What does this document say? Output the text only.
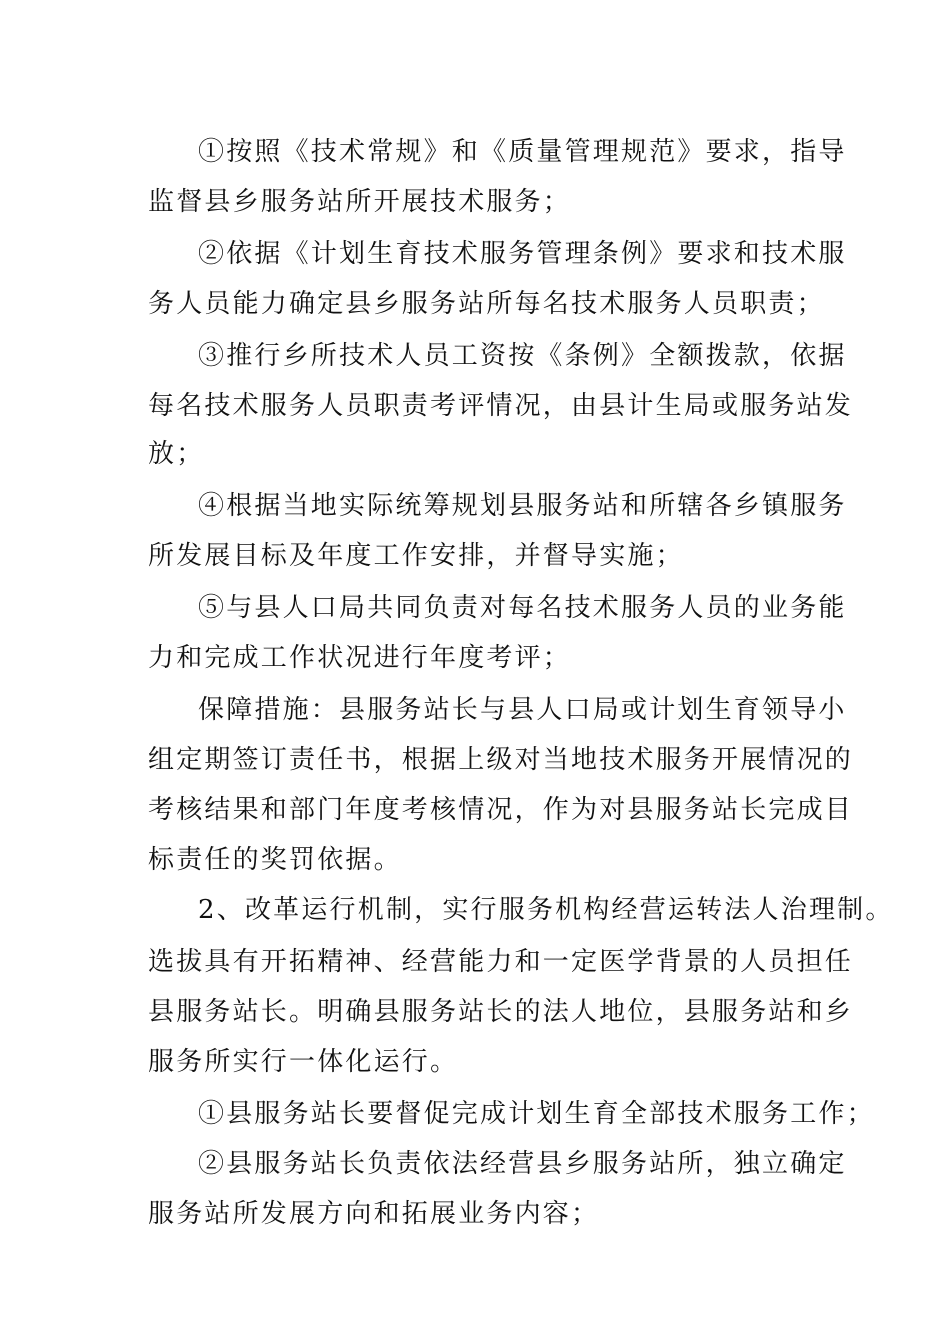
①按照《技术常规》和《质量管理规范》要求，指导
监督县乡服务站所开展技术服务；
②依据《计划生育技术服务管理条例》要求和技术服
务人员能力确定县乡服务站所每名技术服务人员职责；
③推行乡所技术人员工资按《条例》全额拨款，依据
每名技术服务人员职责考评情况，由县计生局或服务站发
放；
④根据当地实际统筹规划县服务站和所辖各乡镇服务
所发展目标及年度工作安排，并督导实施；
⑤与县人口局共同负责对每名技术服务人员的业务能
力和完成工作状况进行年度考评；
保障措施：县服务站长与县人口局或计划生育领导小
组定期签订责任书，根据上级对当地技术服务开展情况的
考核结果和部门年度考核情况，作为对县服务站长完成目
标责任的奖罚依据。
2、改革运行机制，实行服务机构经营运转法人治理制。
选拔具有开拓精神、经营能力和一定医学背景的人员担任
县服务站长。明确县服务站长的法人地位，县服务站和乡
服务所实行一体化运行。
①县服务站长要督促完成计划生育全部技术服务工作；
②县服务站长负责依法经营县乡服务站所，独立确定
服务站所发展方向和拓展业务内容；
